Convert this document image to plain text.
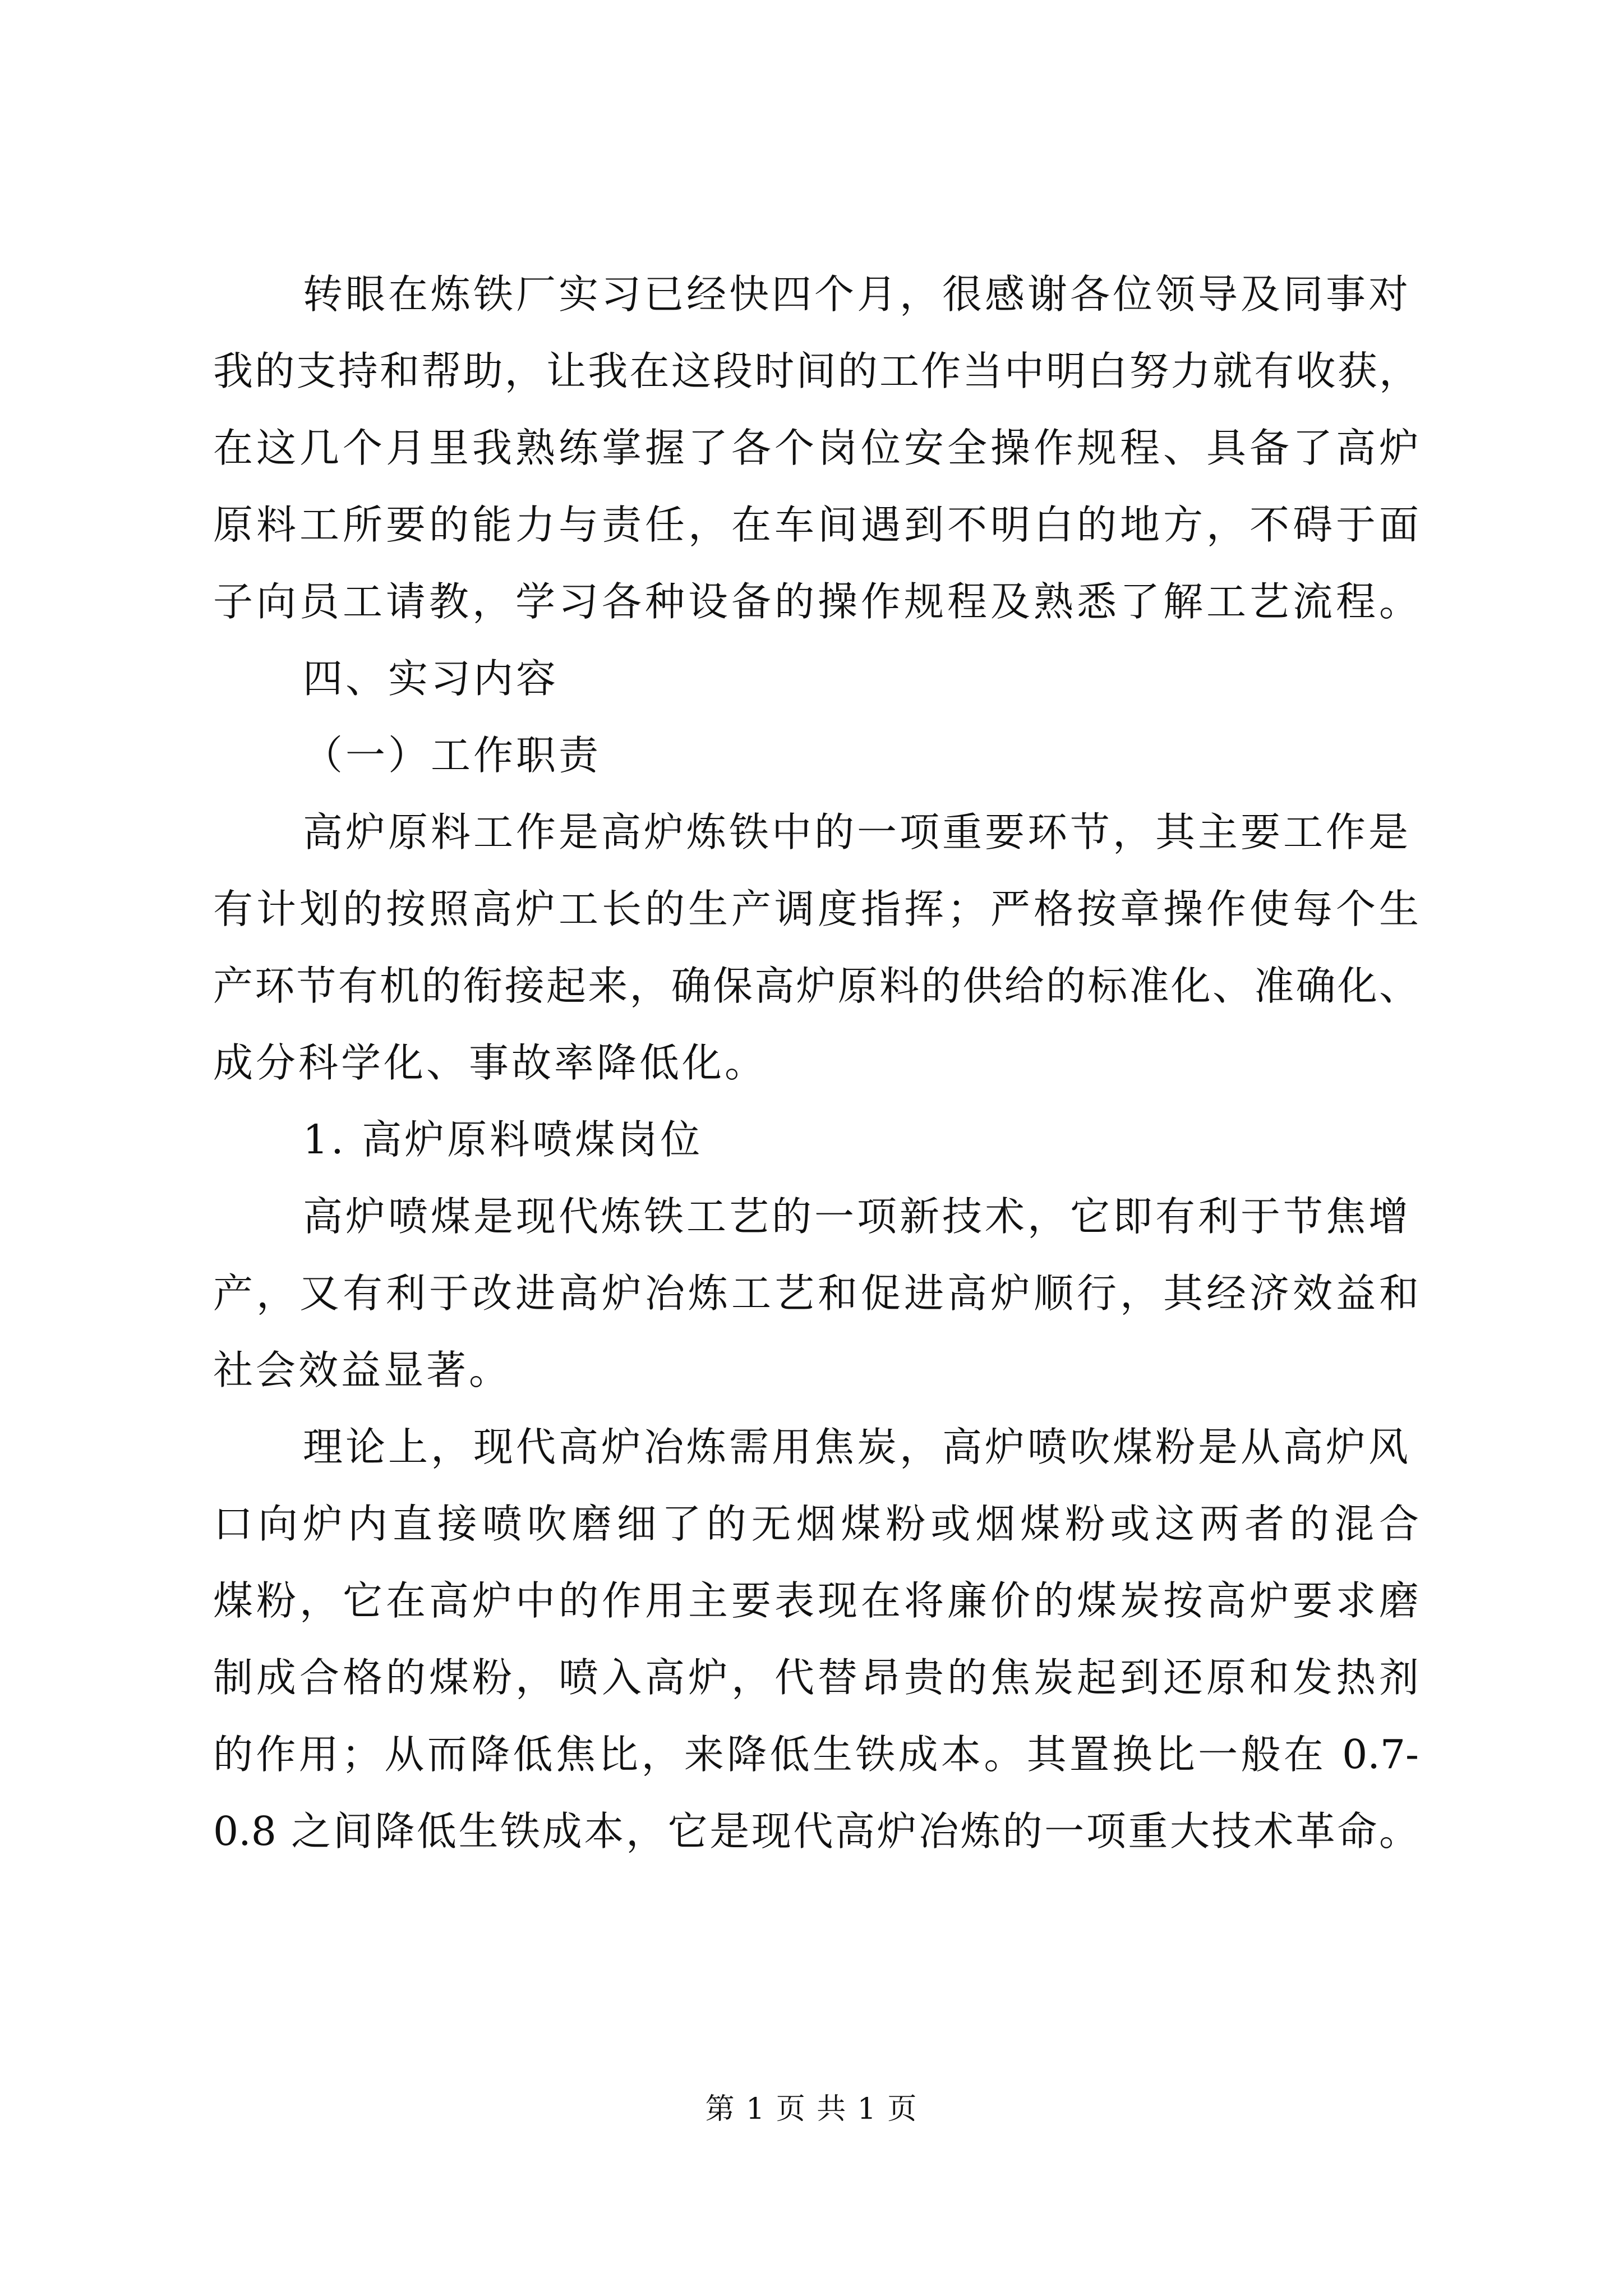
转眼在炼铁厂实习已经快四个月，很感谢各位领导及同事对
我的支持和帮助，让我在这段时间的工作当中明白努力就有收获，
在这几个月里我熟练掌握了各个岗位安全操作规程、具备了高炉
原料工所要的能力与责任，在车间遇到不明白的地方，不碍于面
子向员工请教，学习各种设备的操作规程及熟悉了解工艺流程。
四、实习内容
（一）工作职责
高炉原料工作是高炉炼铁中的一项重要环节，其主要工作是
有计划的按照高炉工长的生产调度指挥；严格按章操作使每个生
产环节有机的衔接起来，确保高炉原料的供给的标准化、准确化、
成分科学化、事故率降低化。
1. 高炉原料喷煤岗位
高炉喷煤是现代炼铁工艺的一项新技术，它即有利于节焦增
产，又有利于改进高炉冶炼工艺和促进高炉顺行，其经济效益和
社会效益显著。
理论上，现代高炉冶炼需用焦炭，高炉喷吹煤粉是从高炉风
口向炉内直接喷吹磨细了的无烟煤粉或烟煤粉或这两者的混合
煤粉，它在高炉中的作用主要表现在将廉价的煤炭按高炉要求磨
制成合格的煤粉，喷入高炉，代替昂贵的焦炭起到还原和发热剂
的作用；从而降低焦比，来降低生铁成本。其置换比一般在 0.7-
0.8 之间降低生铁成本，它是现代高炉冶炼的一项重大技术革命。
第 1 页 共 1 页
